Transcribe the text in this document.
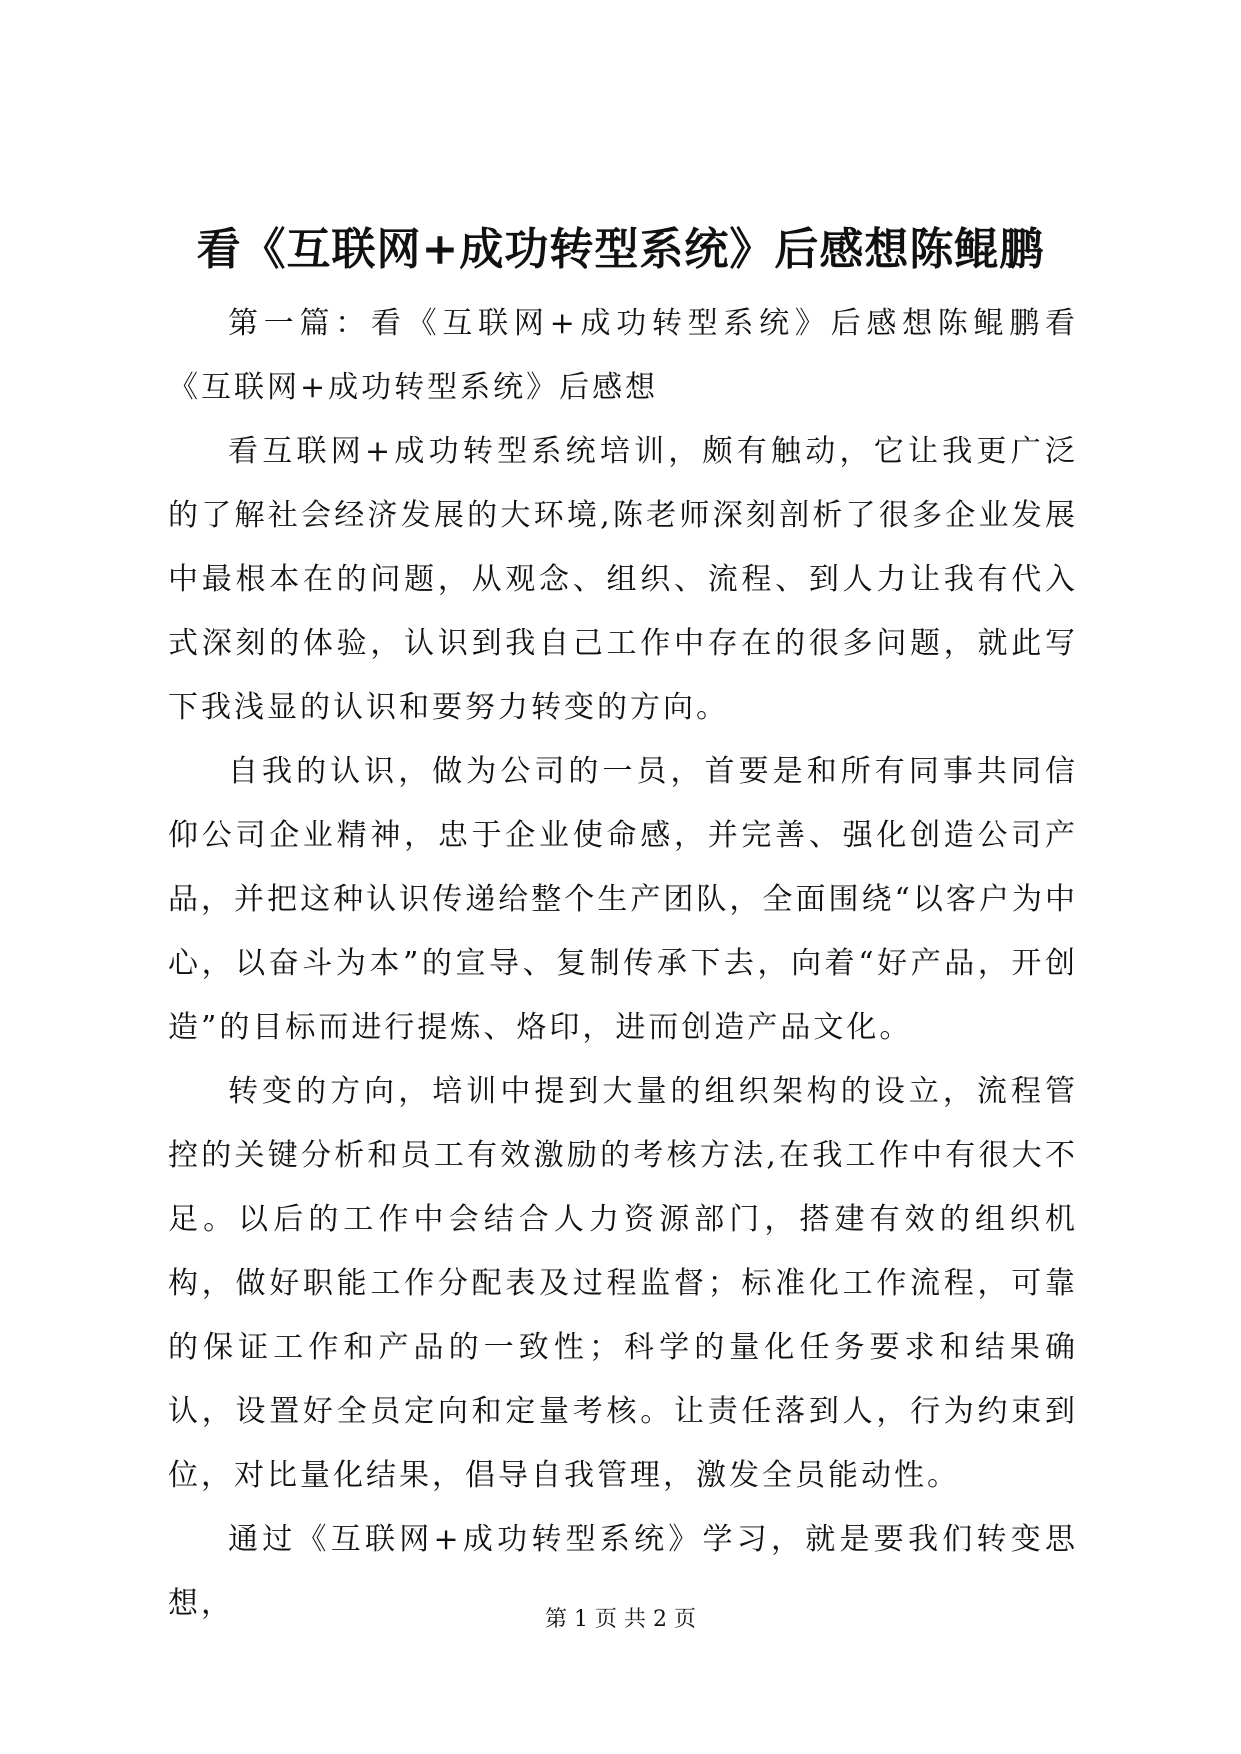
看《互联网+成功转型系统》后感想陈鲲鹏

第一篇：看《互联网+成功转型系统》后感想陈鲲鹏看《互联网+成功转型系统》后感想

看互联网+成功转型系统培训，颇有触动，它让我更广泛的了解社会经济发展的大环境,陈老师深刻剖析了很多企业发展中最根本在的问题，从观念、组织、流程、到人力让我有代入式深刻的体验，认识到我自己工作中存在的很多问题，就此写下我浅显的认识和要努力转变的方向。

自我的认识，做为公司的一员，首要是和所有同事共同信仰公司企业精神，忠于企业使命感，并完善、强化创造公司产品，并把这种认识传递给整个生产团队，全面围绕“以客户为中心，以奋斗为本”的宣导、复制传承下去，向着“好产品，开创造”的目标而进行提炼、烙印，进而创造产品文化。

转变的方向，培训中提到大量的组织架构的设立，流程管控的关键分析和员工有效激励的考核方法,在我工作中有很大不足。以后的工作中会结合人力资源部门，搭建有效的组织机构，做好职能工作分配表及过程监督；标准化工作流程，可靠的保证工作和产品的一致性；科学的量化任务要求和结果确认，设置好全员定向和定量考核。让责任落到人，行为约束到位，对比量化结果，倡导自我管理，激发全员能动性。

通过《互联网+成功转型系统》学习，就是要我们转变思想，	第 1 页 共 2 页
